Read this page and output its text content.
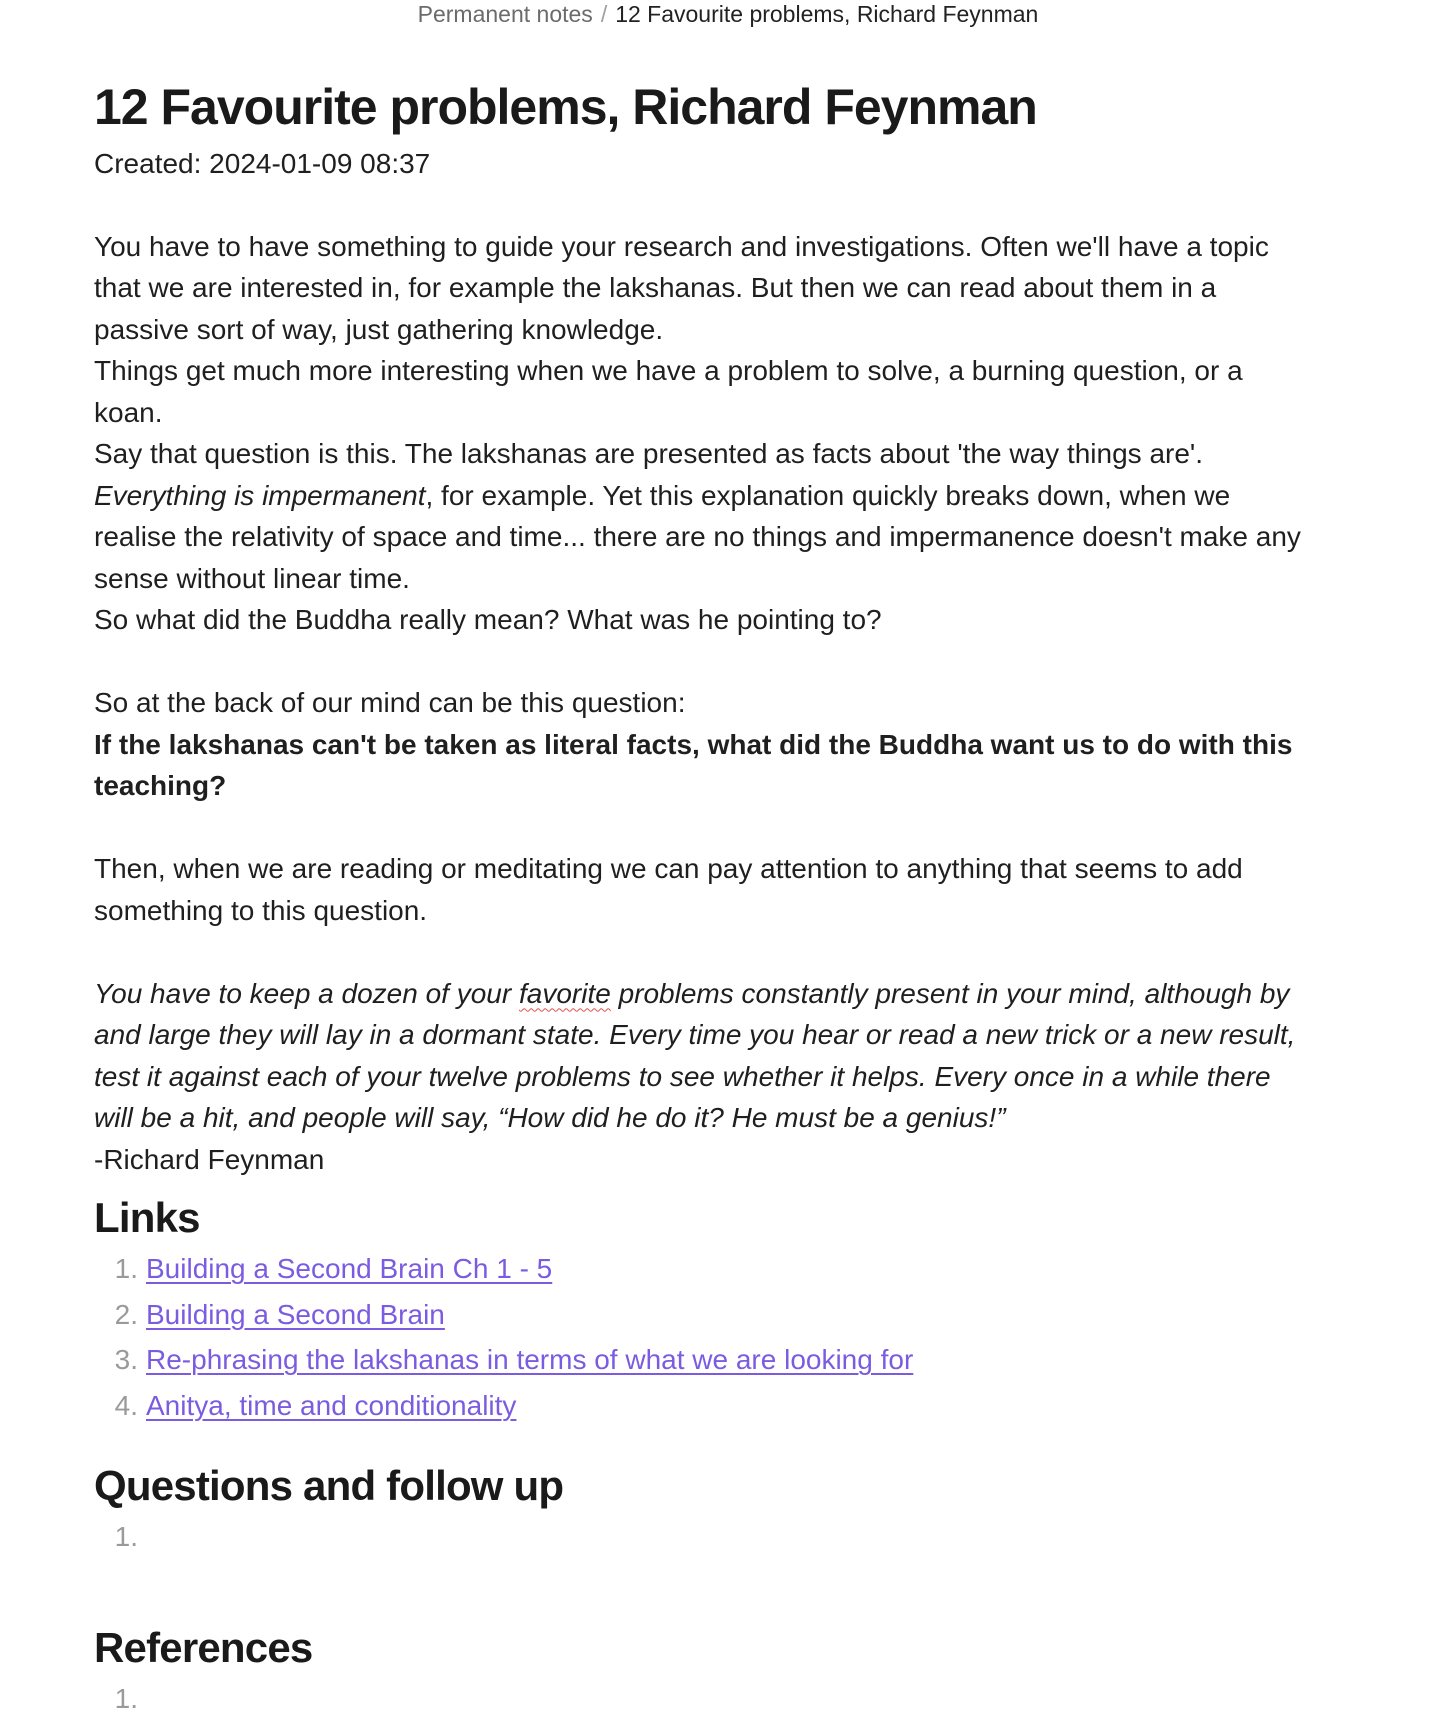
Permanent notes / 12 Favourite problems, Richard Feynman
12 Favourite problems, Richard Feynman

Created: 2024-01-09 08:37

You have to have something to guide your research and investigations. Often we'll have a topic that we are interested in, for example the lakshanas. But then we can read about them in a passive sort of way, just gathering knowledge.

Things get much more interesting when we have a problem to solve, a burning question, or a koan.

Say that question is this. The lakshanas are presented as facts about 'the way things are'.

Everything is impermanent, for example. Yet this explanation quickly breaks down, when we realise the relativity of space and time... there are no things and impermanence doesn't make any sense without linear time.

So what did the Buddha really mean? What was he pointing to?

So at the back of our mind can be this question:

If the lakshanas can't be taken as literal facts, what did the Buddha want us to do with this teaching?

Then, when we are reading or meditating we can pay attention to anything that seems to add something to this question.

You have to keep a dozen of your favorite problems constantly present in your mind, although by and large they will lay in a dormant state. Every time you hear or read a new trick or a new result, test it against each of your twelve problems to see whether it helps. Every once in a while there will be a hit, and people will say, “How did he do it? He must be a genius!”

-Richard Feynman

Links
1. Building a Second Brain Ch 1 - 5
2. Building a Second Brain
3. Re-phrasing the lakshanas in terms of what we are looking for
4. Anitya, time and conditionality
Questions and follow up
1.
References
1.
